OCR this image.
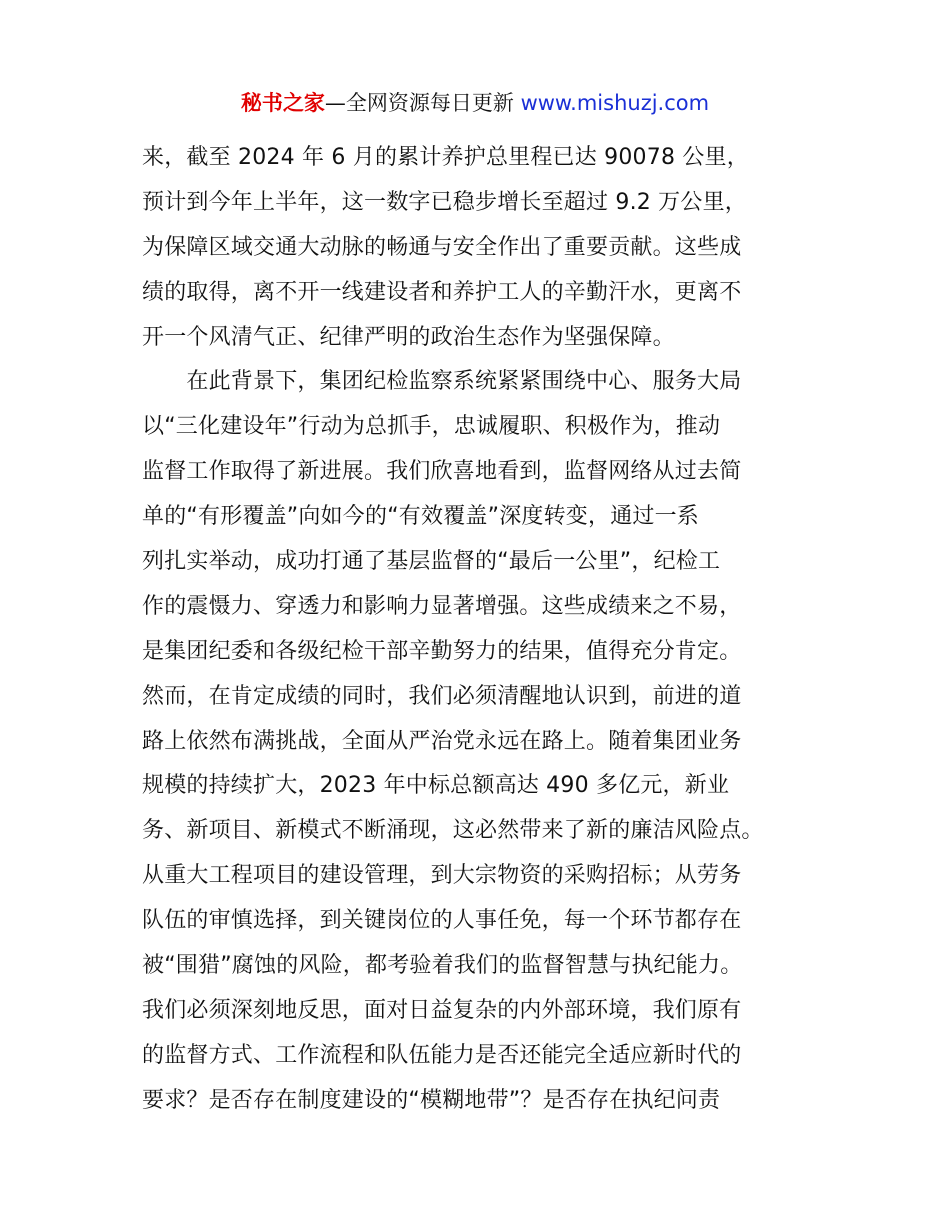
秘书之家—全网资源每日更新 www.mishuzj.com
来，截至 2024 年 6 月的累计养护总里程已达 90078 公里，
预计到今年上半年，这一数字已稳步增长至超过 9.2 万公里，
为保障区域交通大动脉的畅通与安全作出了重要贡献。这些成
绩的取得，离不开一线建设者和养护工人的辛勤汗水，更离不
开一个风清气正、纪律严明的政治生态作为坚强保障。
　　在此背景下，集团纪检监察系统紧紧围绕中心、服务大局
以“三化建设年”行动为总抓手，忠诚履职、积极作为，推动
监督工作取得了新进展。我们欣喜地看到，监督网络从过去简
单的“有形覆盖”向如今的“有效覆盖”深度转变，通过一系
列扎实举动，成功打通了基层监督的“最后一公里”，纪检工
作的震慑力、穿透力和影响力显著增强。这些成绩来之不易，
是集团纪委和各级纪检干部辛勤努力的结果，值得充分肯定。
然而，在肯定成绩的同时，我们必须清醒地认识到，前进的道
路上依然布满挑战，全面从严治党永远在路上。随着集团业务
规模的持续扩大，2023 年中标总额高达 490 多亿元，新业
务、新项目、新模式不断涌现，这必然带来了新的廉洁风险点。
从重大工程项目的建设管理，到大宗物资的采购招标；从劳务
队伍的审慎选择，到关键岗位的人事任免，每一个环节都存在
被“围猎”腐蚀的风险，都考验着我们的监督智慧与执纪能力。
我们必须深刻地反思，面对日益复杂的内外部环境，我们原有
的监督方式、工作流程和队伍能力是否还能完全适应新时代的
要求？是否存在制度建设的“模糊地带”？是否存在执纪问责
